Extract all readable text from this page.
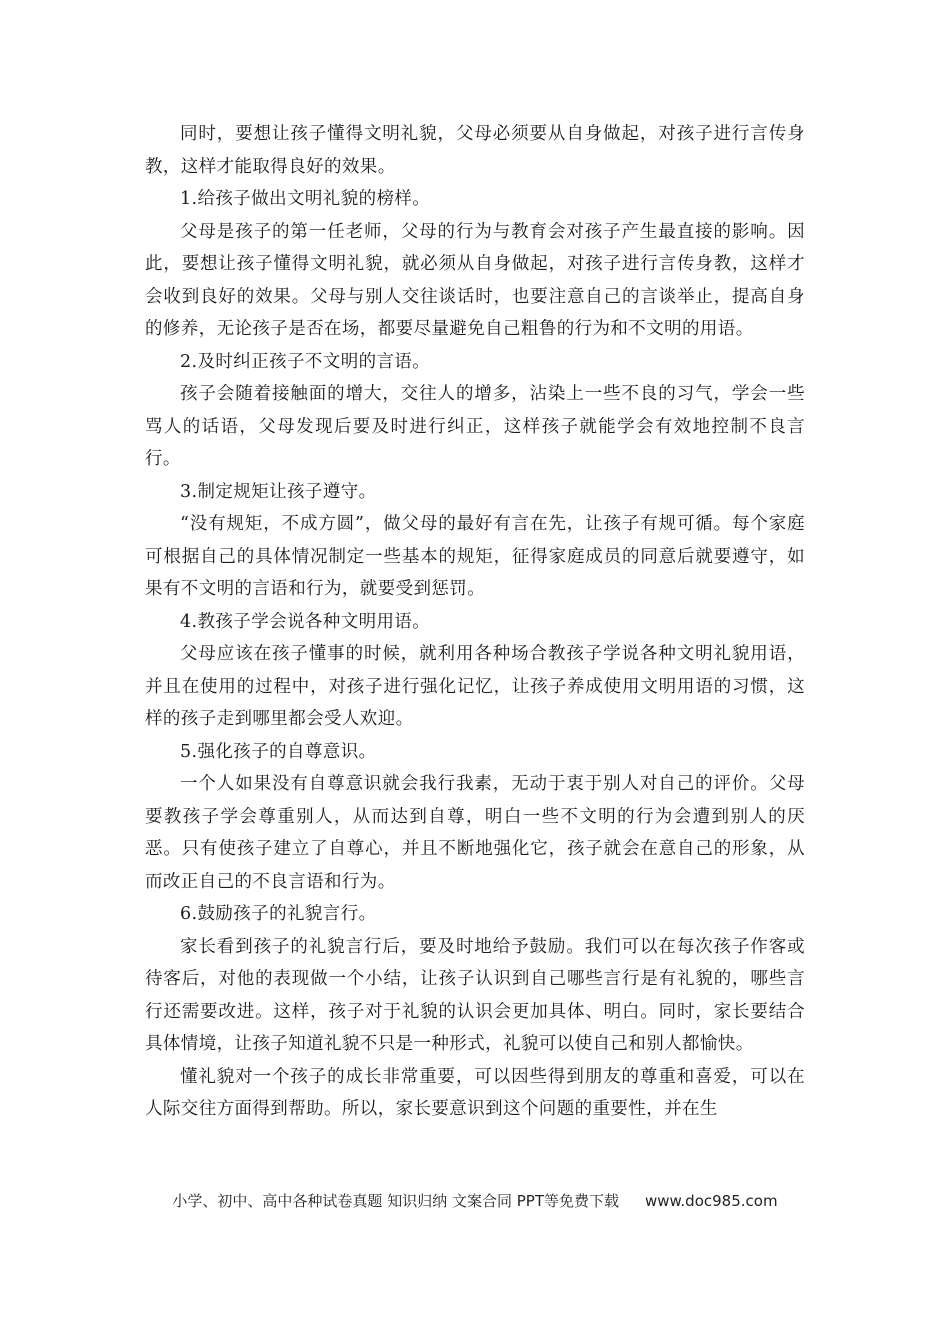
同时，要想让孩子懂得文明礼貌，父母必须要从自身做起，对孩子进行言传身教，这样才能取得良好的效果。

1.给孩子做出文明礼貌的榜样。

父母是孩子的第一任老师，父母的行为与教育会对孩子产生最直接的影响。因此，要想让孩子懂得文明礼貌，就必须从自身做起，对孩子进行言传身教，这样才会收到良好的效果。父母与别人交往谈话时，也要注意自己的言谈举止，提高自身的修养，无论孩子是否在场，都要尽量避免自己粗鲁的行为和不文明的用语。

2.及时纠正孩子不文明的言语。

孩子会随着接触面的增大，交往人的增多，沾染上一些不良的习气，学会一些骂人的话语，父母发现后要及时进行纠正，这样孩子就能学会有效地控制不良言行。

3.制定规矩让孩子遵守。

“没有规矩，不成方圆”，做父母的最好有言在先，让孩子有规可循。每个家庭可根据自己的具体情况制定一些基本的规矩，征得家庭成员的同意后就要遵守，如果有不文明的言语和行为，就要受到惩罚。

4.教孩子学会说各种文明用语。

父母应该在孩子懂事的时候，就利用各种场合教孩子学说各种文明礼貌用语，并且在使用的过程中，对孩子进行强化记忆，让孩子养成使用文明用语的习惯，这样的孩子走到哪里都会受人欢迎。

5.强化孩子的自尊意识。

一个人如果没有自尊意识就会我行我素，无动于衷于别人对自己的评价。父母要教孩子学会尊重别人，从而达到自尊，明白一些不文明的行为会遭到别人的厌恶。只有使孩子建立了自尊心，并且不断地强化它，孩子就会在意自己的形象，从而改正自己的不良言语和行为。

6.鼓励孩子的礼貌言行。

家长看到孩子的礼貌言行后，要及时地给予鼓励。我们可以在每次孩子作客或待客后，对他的表现做一个小结，让孩子认识到自己哪些言行是有礼貌的，哪些言行还需要改进。这样，孩子对于礼貌的认识会更加具体、明白。同时，家长要结合具体情境，让孩子知道礼貌不只是一种形式，礼貌可以使自己和别人都愉快。

懂礼貌对一个孩子的成长非常重要，可以因些得到朋友的尊重和喜爱，可以在人际交往方面得到帮助。所以，家长要意识到这个问题的重要性，并在生

小学、初中、高中各种试卷真题 知识归纳 文案合同 PPT等免费下载 www.doc985.com
